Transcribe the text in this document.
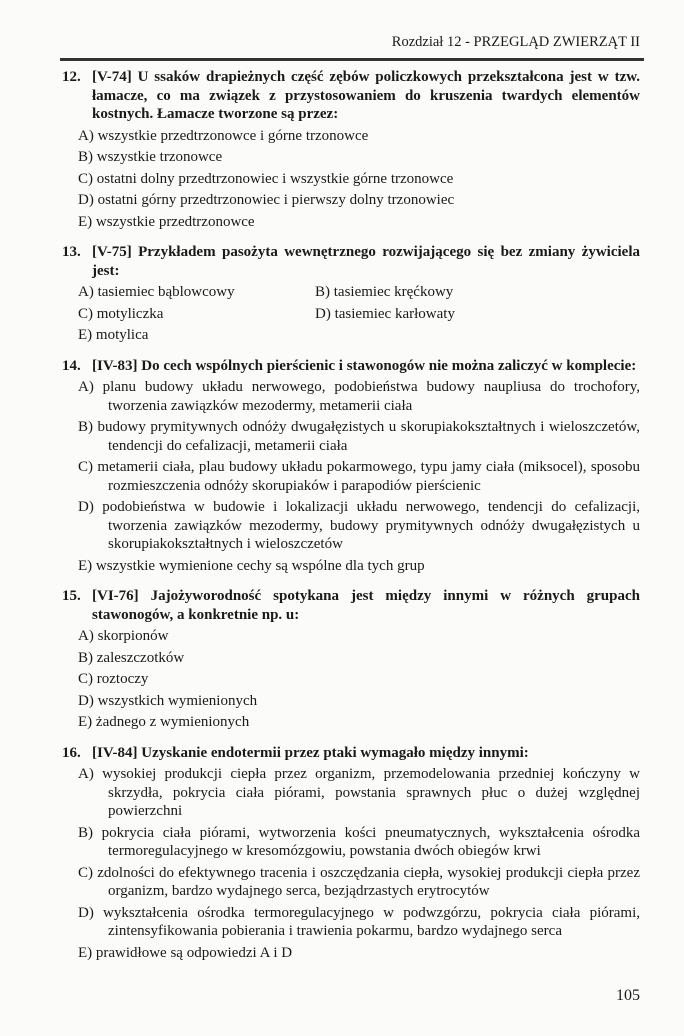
Rozdział 12 - PRZEGLĄD ZWIERZĄT II
12. [V-74] U ssaków drapieżnych część zębów policzkowych przekształcona jest w tzw. łamacze, co ma związek z przystosowaniem do kruszenia twardych elementów kostnych. Łamacze tworzone są przez:
A) wszystkie przedtrzonowce i górne trzonowce
B) wszystkie trzonowce
C) ostatni dolny przedtrzonowiec i wszystkie górne trzonowce
D) ostatni górny przedtrzonowiec i pierwszy dolny trzonowiec
E) wszystkie przedtrzonowce
13. [V-75] Przykładem pasożyta wewnętrznego rozwijającego się bez zmiany żywiciela jest:
A) tasiemiec bąblowcowy	B) tasiemiec kręćkowy
C) motyliczka	D) tasiemiec karłowaty
E) motylica
14. [IV-83] Do cech wspólnych pierścienic i stawonogów nie można zaliczyć w komplecie:
A) planu budowy układu nerwowego, podobieństwa budowy naupliusa do trochofory, tworzenia zawiązków mezodermy, metamerii ciała
B) budowy prymitywnych odnóży dwugałęzistych u skorupiakokształtnych i wieloszczetów, tendencji do cefalizacji, metamerii ciała
C) metamerii ciała, plau budowy układu pokarmowego, typu jamy ciała (miksocel), sposobu rozmieszczenia odnóży skorupiaków i parapodiów pierścienic
D) podobieństwa w budowie i lokalizacji układu nerwowego, tendencji do cefalizacji, tworzenia zawiązków mezodermy, budowy prymitywnych odnóży dwugałęzistych u skorupiakokształtnych i wieloszczetów
E) wszystkie wymienione cechy są wspólne dla tych grup
15. [VI-76] Jajożyworodność spotykana jest między innymi w różnych grupach stawonogów, a konkretnie np. u:
A) skorpionów
B) zaleszczotków
C) roztoczy
D) wszystkich wymienionych
E) żadnego z wymienionych
16. [IV-84] Uzyskanie endotermii przez ptaki wymagało między innymi:
A) wysokiej produkcji ciepła przez organizm, przemodelowania przedniej kończyny w skrzydła, pokrycia ciała piórami, powstania sprawnych płuc o dużej względnej powierzchni
B) pokrycia ciała piórami, wytworzenia kości pneumatycznych, wykształcenia ośrodka termoregulacyjnego w kresomózgowiu, powstania dwóch obiegów krwi
C) zdolności do efektywnego tracenia i oszczędzania ciepła, wysokiej produkcji ciepła przez organizm, bardzo wydajnego serca, bezjądrzastych erytrocytów
D) wykształcenia ośrodka termoregulacyjnego w podwzgórzu, pokrycia ciała piórami, zintensyfikowania pobierania i trawienia pokarmu, bardzo wydajnego serca
E) prawidłowe są odpowiedzi A i D
105
